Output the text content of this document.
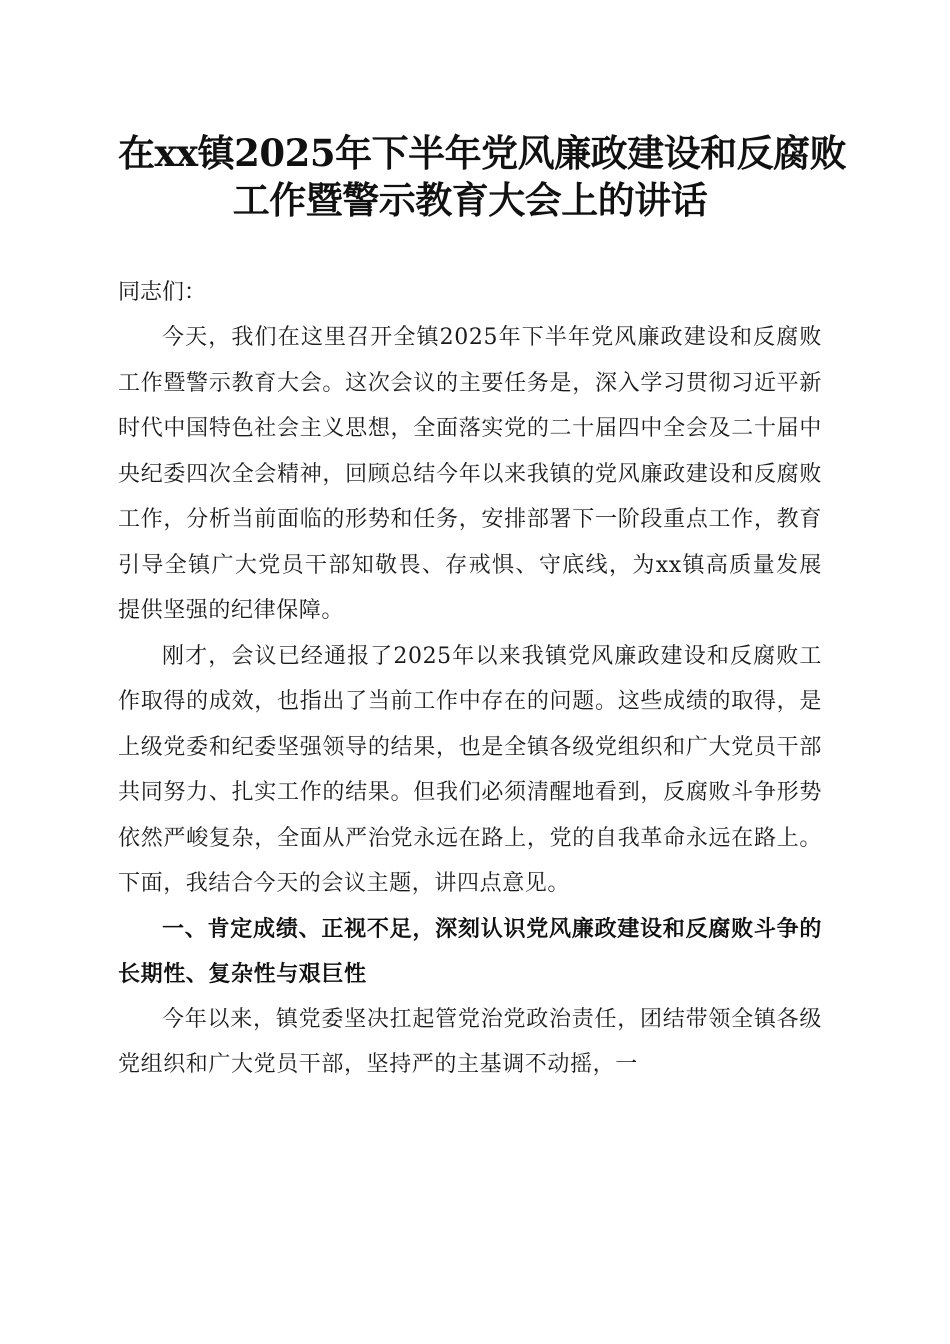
在xx镇2025年下半年党风廉政建设和反腐败
工作暨警示教育大会上的讲话

同志们：

今天，我们在这里召开全镇2025年下半年党风廉政建设和反腐败工作暨警示教育大会。这次会议的主要任务是，深入学习贯彻习近平新时代中国特色社会主义思想，全面落实党的二十届四中全会及二十届中央纪委四次全会精神，回顾总结今年以来我镇的党风廉政建设和反腐败工作，分析当前面临的形势和任务，安排部署下一阶段重点工作，教育引导全镇广大党员干部知敬畏、存戒惧、守底线，为xx镇高质量发展提供坚强的纪律保障。

刚才，会议已经通报了2025年以来我镇党风廉政建设和反腐败工作取得的成效，也指出了当前工作中存在的问题。这些成绩的取得，是上级党委和纪委坚强领导的结果，也是全镇各级党组织和广大党员干部共同努力、扎实工作的结果。但我们必须清醒地看到，反腐败斗争形势依然严峻复杂，全面从严治党永远在路上，党的自我革命永远在路上。下面，我结合今天的会议主题，讲四点意见。

一、肯定成绩、正视不足，深刻认识党风廉政建设和反腐败斗争的长期性、复杂性与艰巨性

今年以来，镇党委坚决扛起管党治党政治责任，团结带领全镇各级党组织和广大党员干部，坚持严的主基调不动摇，一
